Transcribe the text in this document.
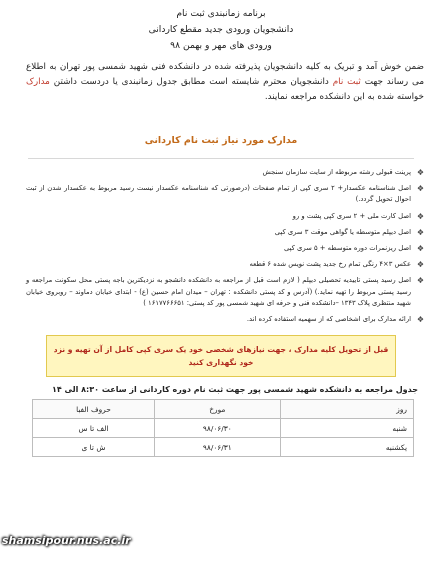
برنامه زمانبندی ثبت نام
دانشجویان ورودی جدید مقطع کاردانی
ورودی های مهر و بهمن ۹۸
ضمن خوش آمد و تبریک به کلیه دانشجویان پذیرفته شده در دانشکده فنی شهید شمسی پور تهران به اطلاع می رساند جهت ثبت نام دانشجویان محترم شایسته است مطابق جدول زمانبندی یا دردست داشتن مدارک خواسته شده به این دانشکده مراجعه نمایند.
مدارک مورد نیاز ثبت نام کاردانی
❖
پرینت قبولی رشته مربوطه از سایت سازمان سنجش
❖
اصل شناسنامه عکسدار+ ۲ سری کپی از تمام صفحات (درصورتی که شناسنامه عکسدار نیست رسید مربوط به عکسدار شدن از ثبت احوال تحویل گردد.)
❖
اصل کارت ملی + ۲ سری کپی پشت و رو
❖
اصل دیپلم متوسطه یا گواهی موقت ۳ سری کپی
❖
اصل ریزنمرات دوره متوسطه + ۵ سری کپی
❖
عکس ۳×۴ رنگی تمام رخ جدید پشت نویس شده ۶ قطعه
❖
اصل رسید پستی تاییدیه تحصیلی دیپلم ( لازم است قبل از مراجعه به دانشکده دانشجو به نزدیکترین باجه پستی محل سکونت مراجعه و رسید پستی مربوط را تهیه نماید.) (آدرس و کد پستی دانشکده : تهران – میدان امام حسین (ع) - ابتدای خیابان دماوند – روبروی خیابان شهید منتظری پلاک ۱۳۴۳ –دانشکده فنی و حرفه ای شهید شمسی پور کد پستی: ۱۶۱۷۷۶۶۶۵۱ )
❖
ارائه مدارک برای اشخاصی که از سهمیه استفاده کرده اند.
قبل از تحویل کلیه مدارک ، جهت نیازهای شخصی خود یک سری کپی کامل از آن تهیه و نزد خود نگهداری کنید
جدول مراجعه به دانشکده شهید شمسی پور جهت ثبت نام دوره کاردانی از ساعت ۸:۳۰ الی ۱۴
روز	مورخ	حروف الفبا
شنبه	۹۸/۰۶/۳۰	الف تا س
یکشنبه	۹۸/۰۶/۳۱	ش تا ی
shamsipour.nus.ac.ir
